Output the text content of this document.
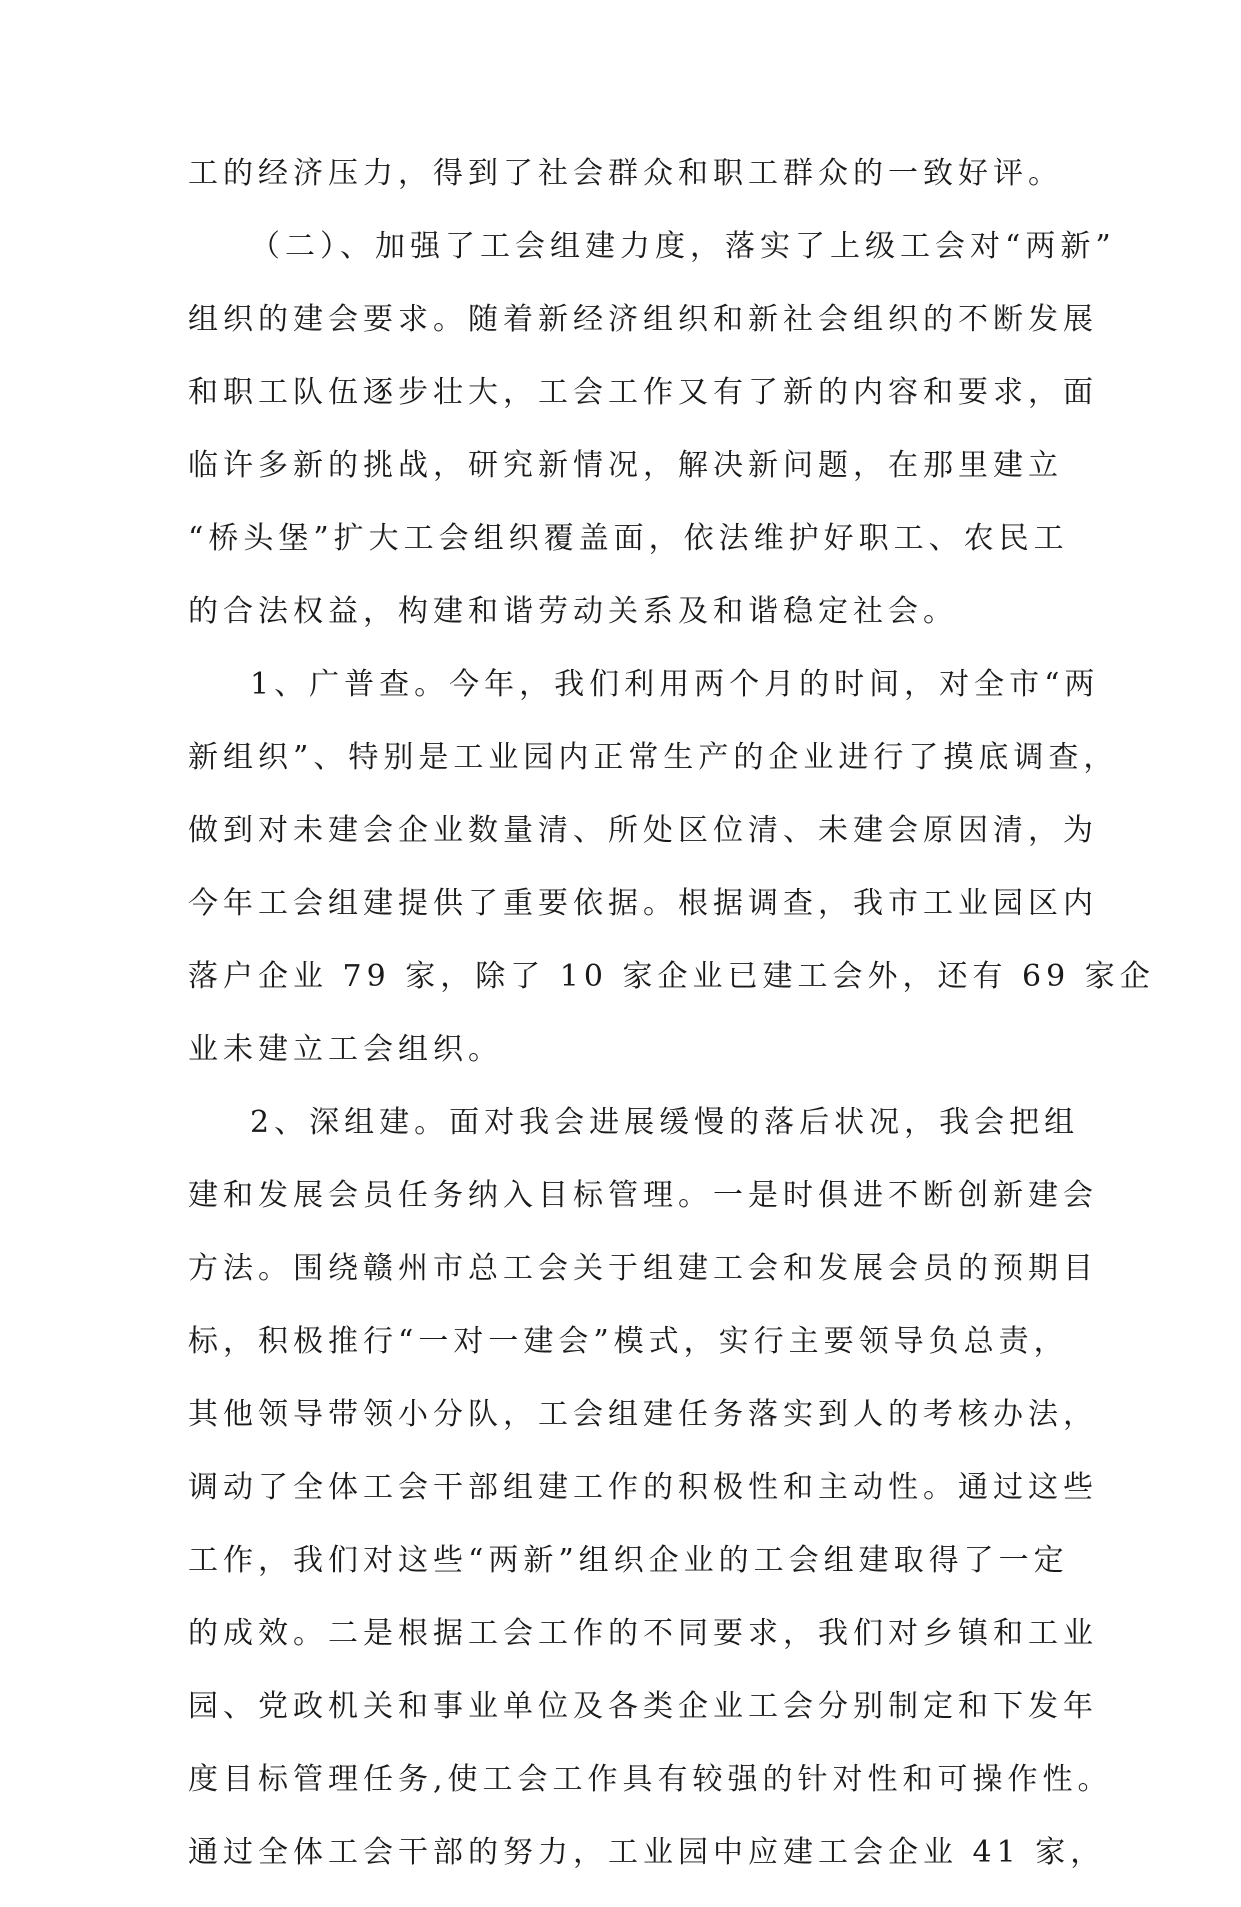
工的经济压力，得到了社会群众和职工群众的一致好评。
（二）、加强了工会组建力度，落实了上级工会对“两新”
组织的建会要求。随着新经济组织和新社会组织的不断发展
和职工队伍逐步壮大，工会工作又有了新的内容和要求，面
临许多新的挑战，研究新情况，解决新问题，在那里建立
“桥头堡”扩大工会组织覆盖面，依法维护好职工、农民工
的合法权益，构建和谐劳动关系及和谐稳定社会。
1、广普查。今年，我们利用两个月的时间，对全市“两
新组织”、特别是工业园内正常生产的企业进行了摸底调查，
做到对未建会企业数量清、所处区位清、未建会原因清，为
今年工会组建提供了重要依据。根据调查，我市工业园区内
落户企业 79 家，除了 10 家企业已建工会外，还有 69 家企
业未建立工会组织。
2、深组建。面对我会进展缓慢的落后状况，我会把组
建和发展会员任务纳入目标管理。一是时俱进不断创新建会
方法。围绕赣州市总工会关于组建工会和发展会员的预期目
标，积极推行“一对一建会”模式，实行主要领导负总责，
其他领导带领小分队，工会组建任务落实到人的考核办法，
调动了全体工会干部组建工作的积极性和主动性。通过这些
工作，我们对这些“两新”组织企业的工会组建取得了一定
的成效。二是根据工会工作的不同要求，我们对乡镇和工业
园、党政机关和事业单位及各类企业工会分别制定和下发年
度目标管理任务,使工会工作具有较强的针对性和可操作性。
通过全体工会干部的努力，工业园中应建工会企业 41 家，
